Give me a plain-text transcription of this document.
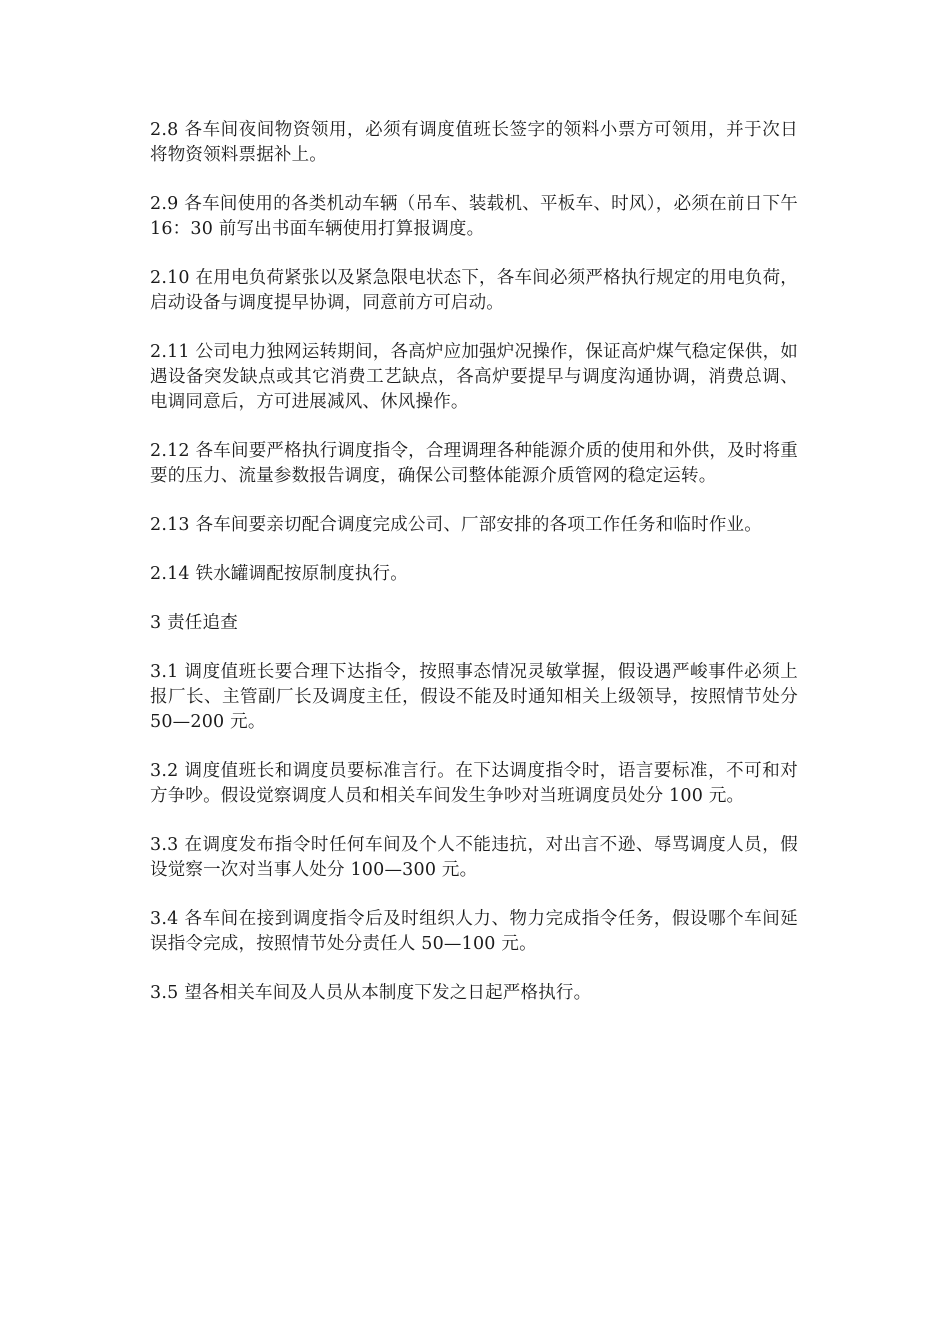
2.8 各车间夜间物资领用，必须有调度值班长签字的领料小票方可领用，并于次日将物资领料票据补上。

2.9 各车间使用的各类机动车辆（吊车、装载机、平板车、时风），必须在前日下午 16：30 前写出书面车辆使用打算报调度。

2.10 在用电负荷紧张以及紧急限电状态下，各车间必须严格执行规定的用电负荷，启动设备与调度提早协调，同意前方可启动。

2.11 公司电力独网运转期间，各高炉应加强炉况操作，保证高炉煤气稳定保供，如遇设备突发缺点或其它消费工艺缺点，各高炉要提早与调度沟通协调，消费总调、电调同意后，方可进展减风、休风操作。

2.12 各车间要严格执行调度指令，合理调理各种能源介质的使用和外供，及时将重要的压力、流量参数报告调度，确保公司整体能源介质管网的稳定运转。

2.13 各车间要亲切配合调度完成公司、厂部安排的各项工作任务和临时作业。

2.14 铁水罐调配按原制度执行。

3 责任追查

3.1 调度值班长要合理下达指令，按照事态情况灵敏掌握，假设遇严峻事件必须上报厂长、主管副厂长及调度主任，假设不能及时通知相关上级领导，按照情节处分 50—200 元。

3.2 调度值班长和调度员要标准言行。在下达调度指令时，语言要标准，不可和对方争吵。假设觉察调度人员和相关车间发生争吵对当班调度员处分 100 元。

3.3 在调度发布指令时任何车间及个人不能违抗，对出言不逊、辱骂调度人员，假设觉察一次对当事人处分 100—300 元。

3.4 各车间在接到调度指令后及时组织人力、物力完成指令任务，假设哪个车间延误指令完成，按照情节处分责任人 50—100 元。

3.5 望各相关车间及人员从本制度下发之日起严格执行。
